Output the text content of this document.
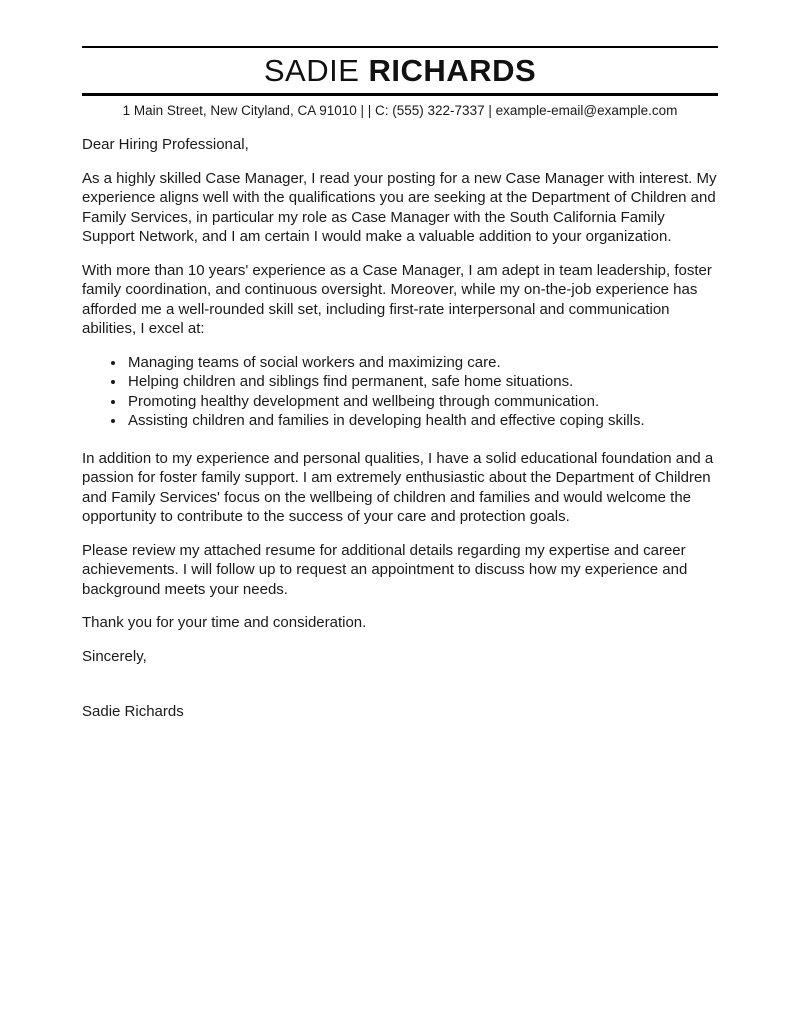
SADIE RICHARDS
1 Main Street, New Cityland, CA 91010 | | C: (555) 322-7337 | example-email@example.com

Dear Hiring Professional,

As a highly skilled Case Manager, I read your posting for a new Case Manager with interest. My experience aligns well with the qualifications you are seeking at the Department of Children and Family Services, in particular my role as Case Manager with the South California Family Support Network, and I am certain I would make a valuable addition to your organization.

With more than 10 years' experience as a Case Manager, I am adept in team leadership, foster family coordination, and continuous oversight. Moreover, while my on-the-job experience has afforded me a well-rounded skill set, including first-rate interpersonal and communication abilities, I excel at:

• Managing teams of social workers and maximizing care.
• Helping children and siblings find permanent, safe home situations.
• Promoting healthy development and wellbeing through communication.
• Assisting children and families in developing health and effective coping skills.

In addition to my experience and personal qualities, I have a solid educational foundation and a passion for foster family support. I am extremely enthusiastic about the Department of Children and Family Services' focus on the wellbeing of children and families and would welcome the opportunity to contribute to the success of your care and protection goals.

Please review my attached resume for additional details regarding my expertise and career achievements. I will follow up to request an appointment to discuss how my experience and background meets your needs.

Thank you for your time and consideration.

Sincerely,

Sadie Richards
